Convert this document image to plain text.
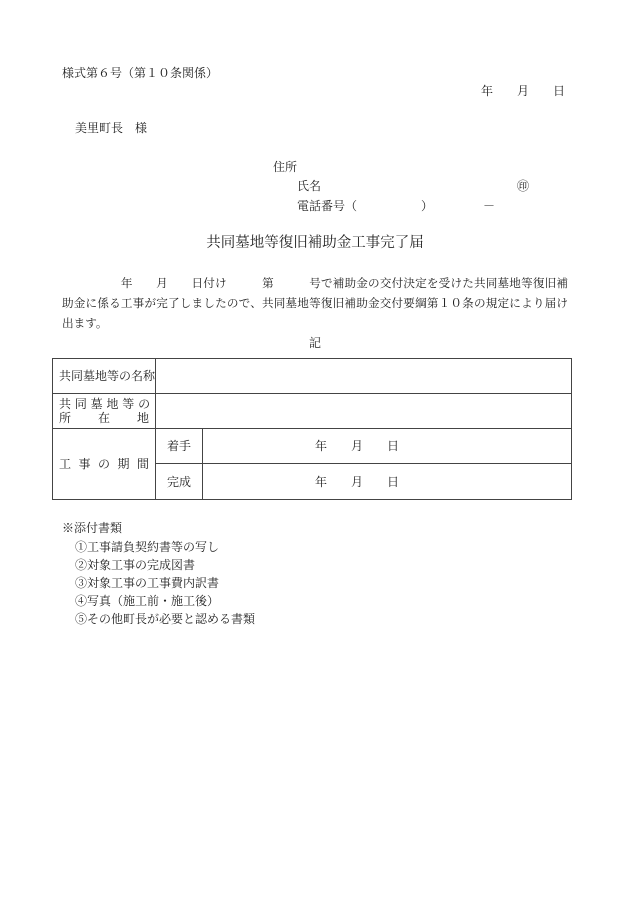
様式第６号（第１０条関係）
年　　月　　日
美里町長　様
住所
氏名	㊞
電話番号（	）	－
共同墓地等復旧補助金工事完了届
　　　　　年　　月　　日付け　　　第　　　号で補助金の交付決定を受けた共同墓地等復旧補
助金に係る工事が完了しましたので、共同墓地等復旧補助金交付要綱第１０条の規定により届け
出ます。
記
共同墓地等の名称		

共 同 墓 地 等 の
所　　在　　地		

工 事 の 期 間	着手	年　　月　　日
	完成	年　　月　　日
※添付書類
①工事請負契約書等の写し
②対象工事の完成図書
③対象工事の工事費内訳書
④写真（施工前・施工後）
⑤その他町長が必要と認める書類
